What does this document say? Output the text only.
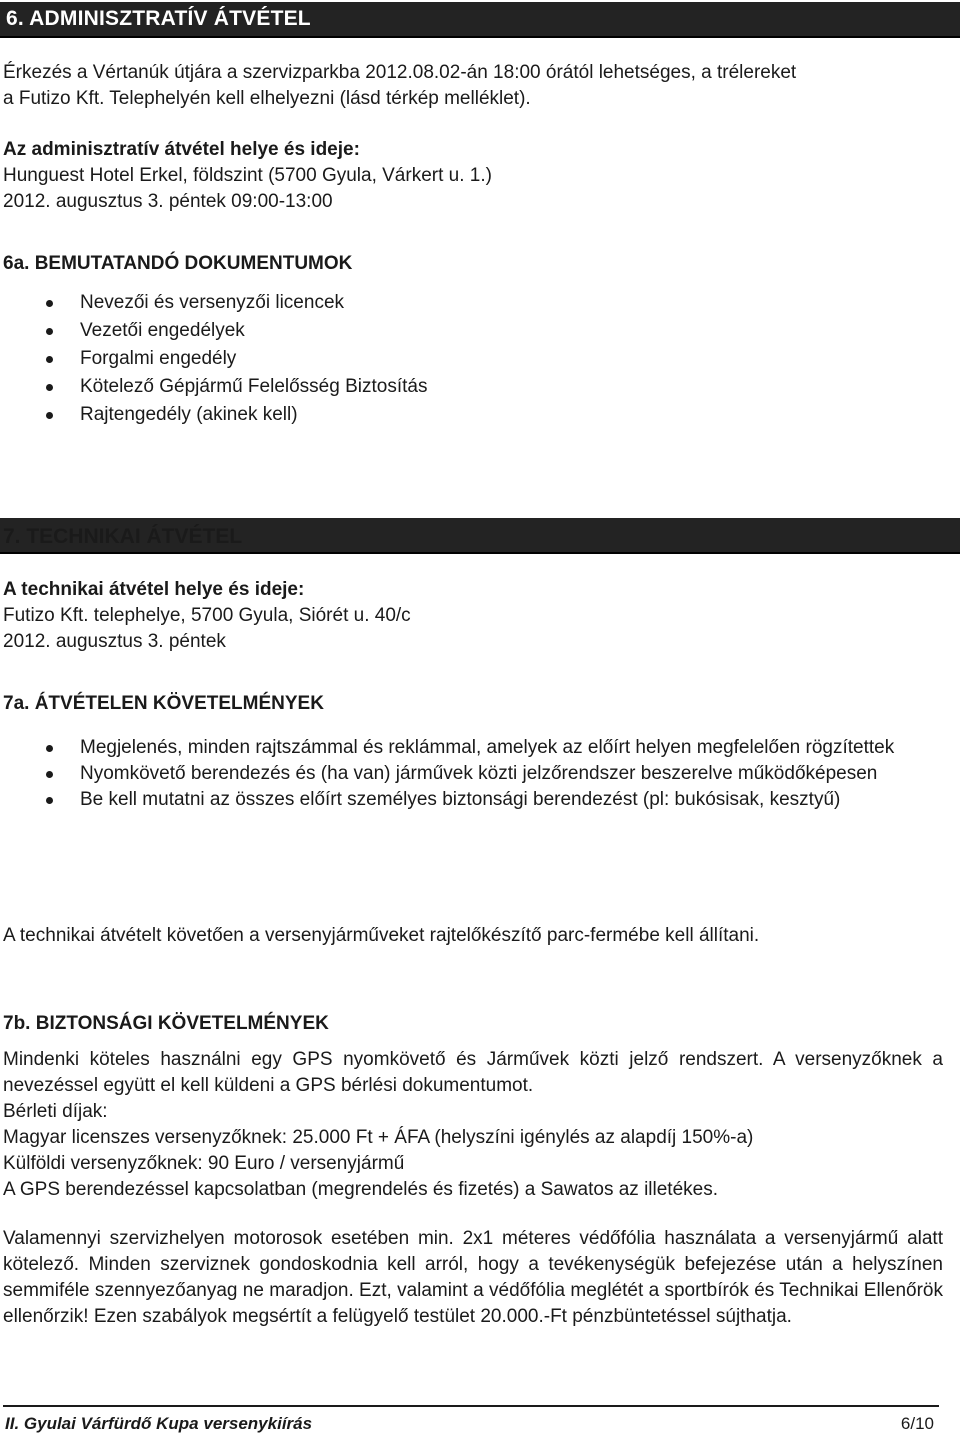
6. ADMINISZTRATÍV ÁTVÉTEL

Érkezés a Vértanúk útjára a szervizparkba 2012.08.02-án 18:00 órától lehetséges, a trélereket

a Futizo Kft. Telephelyén kell elhelyezni (lásd térkép melléklet).

Az adminisztratív átvétel helye és ideje:

Hunguest Hotel Erkel, földszint (5700 Gyula, Várkert u. 1.)

2012. augusztus 3. péntek 09:00-13:00

6a. BEMUTATANDÓ DOKUMENTUMOK

Nevezői és versenyzői licencek
Vezetői engedélyek
Forgalmi engedély
Kötelező Gépjármű Felelősség Biztosítás
Rajtengedély (akinek kell)

7. TECHNIKAI ÁTVÉTEL

A technikai átvétel helye és ideje:

Futizo Kft. telephelye, 5700 Gyula, Siórét u. 40/c

2012. augusztus 3. péntek

7a. ÁTVÉTELEN KÖVETELMÉNYEK

Megjelenés, minden rajtszámmal és reklámmal, amelyek az előírt helyen megfelelően rögzítettek
Nyomkövető berendezés és (ha van) járművek közti jelzőrendszer beszerelve működőképesen
Be kell mutatni az összes előírt személyes biztonsági berendezést (pl: bukósisak, kesztyű)

A technikai átvételt követően a versenyjárműveket rajtelőkészítő parc-fermébe kell állítani.

7b. BIZTONSÁGI KÖVETELMÉNYEK

Mindenki köteles használni egy GPS nyomkövető és Járművek közti jelző rendszert. A versenyzőknek a nevezéssel együtt el kell küldeni a GPS bérlési dokumentumot.

Bérleti díjak:

Magyar licenszes versenyzőknek: 25.000 Ft + ÁFA (helyszíni igénylés az alapdíj 150%-a)

Külföldi versenyzőknek: 90 Euro / versenyjármű

A GPS berendezéssel kapcsolatban (megrendelés és fizetés) a Sawatos az illetékes.

Valamennyi szervizhelyen motorosok esetében min. 2x1 méteres védőfólia használata a versenyjármű alatt kötelező. Minden szerviznek gondoskodnia kell arról, hogy a tevékenységük befejezése után a helyszínen semmiféle szennyezőanyag ne maradjon. Ezt, valamint a védőfólia meglétét a sportbírók és Technikai Ellenőrök ellenőrzik! Ezen szabályok megsértít a felügyelő testület 20.000.-Ft pénzbüntetéssel sújthatja.

II. Gyulai Várfürdő Kupa versenykiírás	6/10
